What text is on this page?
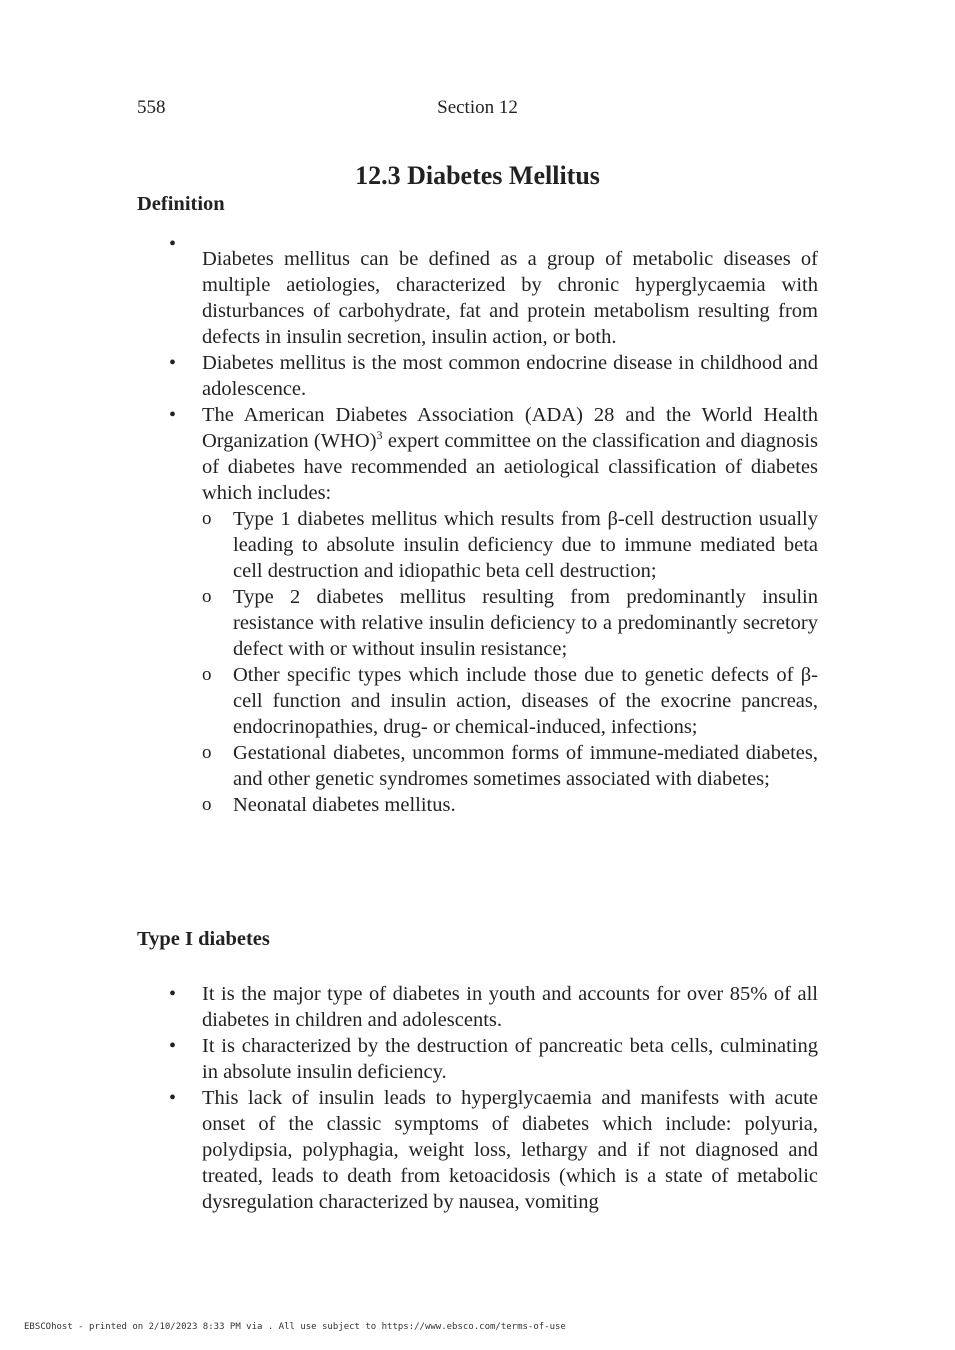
558	Section 12
12.3 Diabetes Mellitus
Definition
•
Diabetes mellitus can be defined as a group of metabolic diseases of multiple aetiologies, characterized by chronic hyperglycaemia with disturbances of carbohydrate, fat and protein metabolism resulting from defects in insulin secretion, insulin action, or both.
• Diabetes mellitus is the most common endocrine disease in childhood and adolescence.
• The American Diabetes Association (ADA) 28 and the World Health Organization (WHO)$^3$ expert committee on the classification and diagnosis of diabetes have recommended an aetiological classification of diabetes which includes:
o Type 1 diabetes mellitus which results from β-cell destruction usually leading to absolute insulin deficiency due to immune mediated beta cell destruction and idiopathic beta cell destruction;
o Type 2 diabetes mellitus resulting from predominantly insulin resistance with relative insulin deficiency to a predominantly secretory defect with or without insulin resistance;
o Other specific types which include those due to genetic defects of β-cell function and insulin action, diseases of the exocrine pancreas, endocrinopathies, drug- or chemical-induced, infections;
o Gestational diabetes, uncommon forms of immune-mediated diabetes, and other genetic syndromes sometimes associated with diabetes;
o Neonatal diabetes mellitus.
Type I diabetes
• It is the major type of diabetes in youth and accounts for over 85% of all diabetes in children and adolescents.
• It is characterized by the destruction of pancreatic beta cells, culminating in absolute insulin deficiency.
• This lack of insulin leads to hyperglycaemia and manifests with acute onset of the classic symptoms of diabetes which include: polyuria, polydipsia, polyphagia, weight loss, lethargy and if not diagnosed and treated, leads to death from ketoacidosis (which is a state of metabolic dysregulation characterized by nausea, vomiting
EBSCOhost - printed on 2/10/2023 8:33 PM via . All use subject to https://www.ebsco.com/terms-of-use
